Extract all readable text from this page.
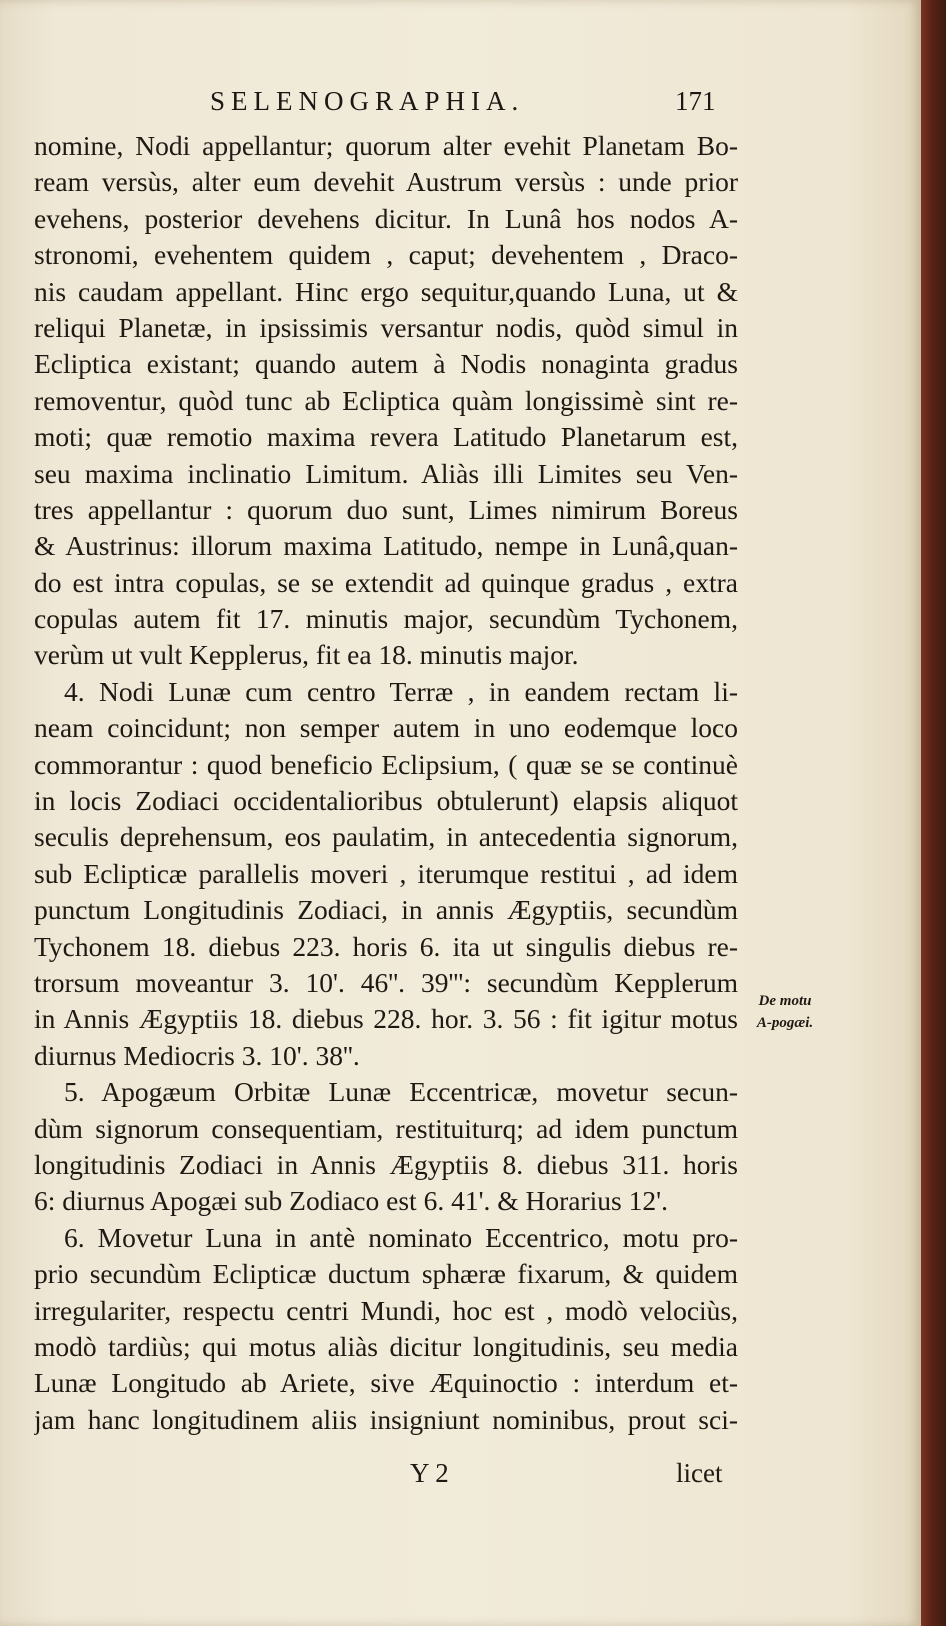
SELENOGRAPHIA.	171
nomine, Nodi appellantur; quorum alter evehit Planetam Bo-
ream versùs, alter eum devehit Austrum versùs : unde prior
evehens, posterior devehens dicitur. In Lunâ hos nodos A-
stronomi, evehentem quidem , caput; devehentem , Draco-
nis caudam appellant. Hinc ergo sequitur,quando Luna, ut &
reliqui Planetæ, in ipsissimis versantur nodis, quòd simul in
Ecliptica existant; quando autem à Nodis nonaginta gradus
removentur, quòd tunc ab Ecliptica quàm longissimè sint re-
moti; quæ remotio maxima revera Latitudo Planetarum est,
seu maxima inclinatio Limitum. Aliàs illi Limites seu Ven-
tres appellantur : quorum duo sunt, Limes nimirum Boreus
& Austrinus: illorum maxima Latitudo, nempe in Lunâ,quan-
do est intra copulas, se se extendit ad quinque gradus , extra
copulas autem fit 17. minutis major, secundùm Tychonem,
verùm ut vult Kepplerus, fit ea 18. minutis major.
4. Nodi Lunæ cum centro Terræ , in eandem rectam li-
neam coincidunt; non semper autem in uno eodemque loco
commorantur : quod beneficio Eclipsium, ( quæ se se continuè
in locis Zodiaci occidentalioribus obtulerunt) elapsis aliquot
seculis deprehensum, eos paulatim, in antecedentia signorum,
sub Eclipticæ parallelis moveri , iterumque restitui , ad idem
punctum Longitudinis Zodiaci, in annis Ægyptiis, secundùm
Tychonem 18. diebus 223. horis 6. ita ut singulis diebus re-
trorsum moveantur 3. 10'. 46''. 39''': secundùm Kepplerum
in Annis Ægyptiis 18. diebus 228. hor. 3. 56 : fit igitur motus
diurnus Mediocris 3. 10'. 38''.
5. Apogæum Orbitæ Lunæ Eccentricæ, movetur secun-
dùm signorum consequentiam, restituiturq; ad idem punctum
longitudinis Zodiaci in Annis Ægyptiis 8. diebus 311. horis
6: diurnus Apogæi sub Zodiaco est 6. 41'. & Horarius 12'.
6. Movetur Luna in antè nominato Eccentrico, motu pro-
prio secundùm Eclipticæ ductum sphæræ fixarum, & quidem
irregulariter, respectu centri Mundi, hoc est , modò velociùs,
modò tardiùs; qui motus aliàs dicitur longitudinis, seu media
Lunæ Longitudo ab Ariete, sive Æquinoctio : interdum et-
jam hanc longitudinem aliis insigniunt nominibus, prout sci-
De motu A-pogæi.
Y 2	licet
